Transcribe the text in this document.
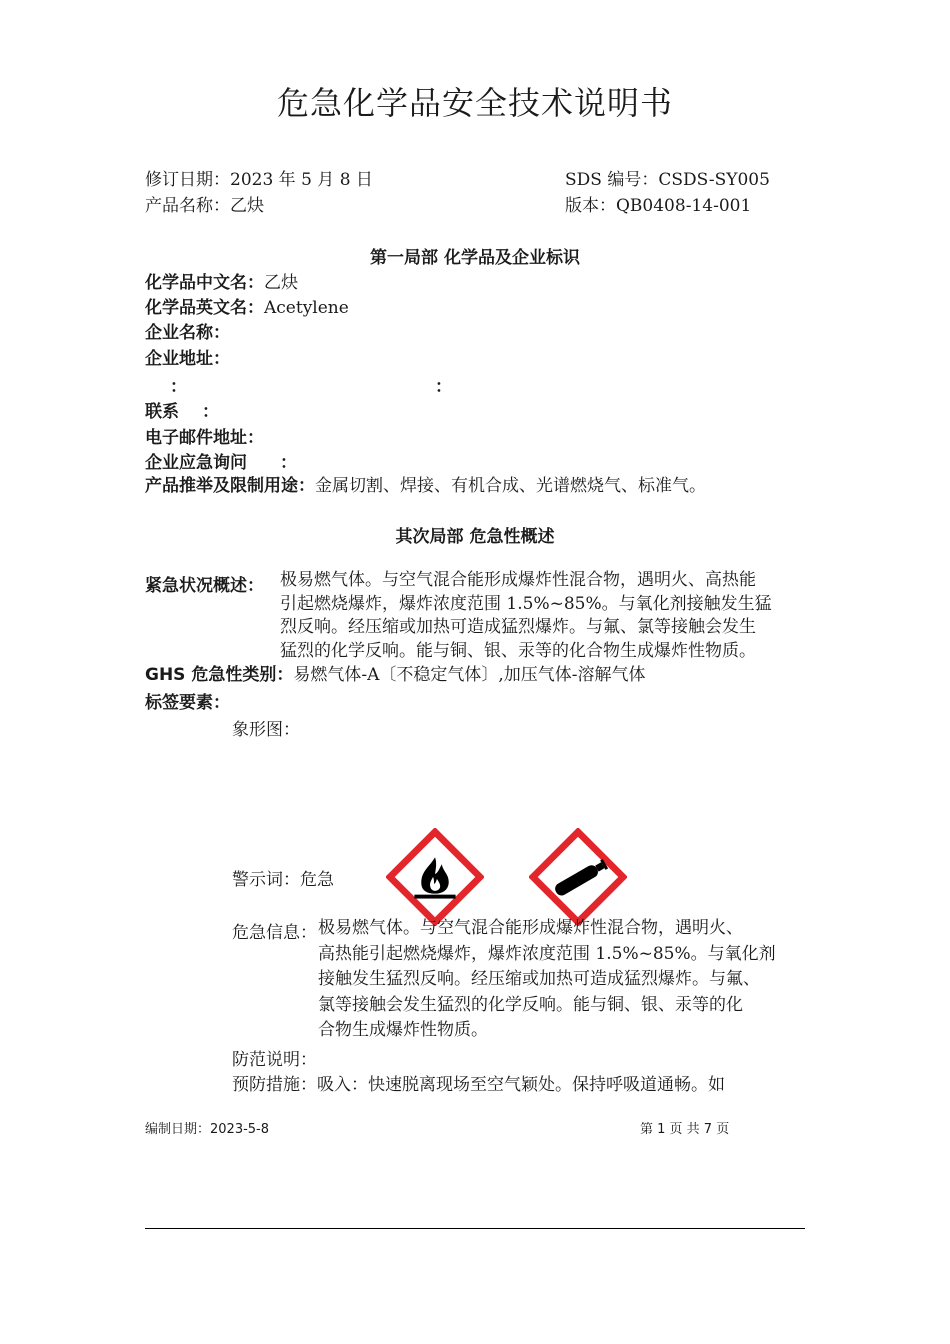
危急化学品安全技术说明书
修订日期：2023 年 5 月 8 日	SDS 编号：CSDS-SY005
产品名称：乙炔	版本：QB0408-14-001
第一局部 化学品及企业标识
化学品中文名：乙炔
化学品英文名：Acetylene
企业名称：
企业地址：
：	：
联系 ：
电子邮件地址：
企业应急询问 ：
产品推举及限制用途：金属切割、焊接、有机合成、光谱燃烧气、标准气。
其次局部 危急性概述
紧急状况概述： 极易燃气体。与空气混合能形成爆炸性混合物，遇明火、高热能
引起燃烧爆炸，爆炸浓度范围 1.5%~85%。与氧化剂接触发生猛
烈反响。经压缩或加热可造成猛烈爆炸。与氟、氯等接触会发生
猛烈的化学反响。能与铜、银、汞等的化合物生成爆炸性物质。
GHS 危急性类别：易燃气体-A〔不稳定气体〕,加压气体-溶解气体
标签要素：
象形图：
警示词：危急
危急信息： 极易燃气体。与空气混合能形成爆炸性混合物，遇明火、
高热能引起燃烧爆炸，爆炸浓度范围 1.5%~85%。与氧化剂
接触发生猛烈反响。经压缩或加热可造成猛烈爆炸。与氟、
氯等接触会发生猛烈的化学反响。能与铜、银、汞等的化
合物生成爆炸性物质。
防范说明：
预防措施：吸入：快速脱离现场至空气颖处。保持呼吸道通畅。如
编制日期：2023-5-8	第 1 页 共 7 页
